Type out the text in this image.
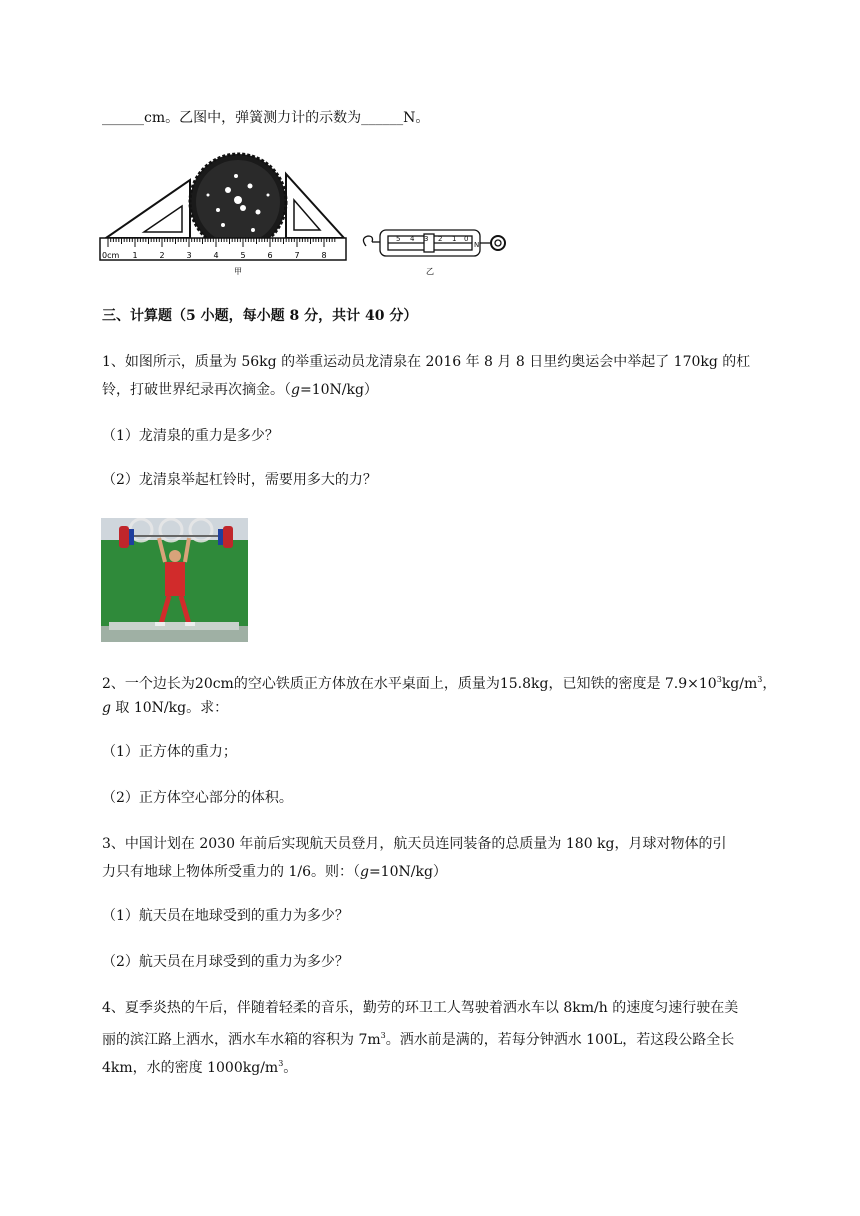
______cm。乙图中，弹簧测力计的示数为______N。
0cm 1	2	3	4	5	6	7	8
甲
5 4 3 2 1 0
N
乙
三、计算题（5 小题，每小题 8 分，共计 40 分）
1、如图所示，质量为 56kg 的举重运动员龙清泉在 2016 年 8 月 8 日里约奥运会中举起了 170kg 的杠
铃，打破世界纪录再次摘金。（g=10N/kg）
（1）龙清泉的重力是多少？
（2）龙清泉举起杠铃时，需要用多大的力？
2、一个边长为20cm的空心铁质正方体放在水平桌面上，质量为15.8kg，已知铁的密度是 $7.9\times 10^3kg/m^3$，
g 取 10N/kg。求：
（1）正方体的重力；
（2）正方体空心部分的体积。
3、中国计划在 2030 年前后实现航天员登月，航天员连同装备的总质量为 180 kg，月球对物体的引
力只有地球上物体所受重力的 1/6。则：（g=10N/kg）
（1）航天员在地球受到的重力为多少？
（2）航天员在月球受到的重力为多少？
4、夏季炎热的午后，伴随着轻柔的音乐，勤劳的环卫工人驾驶着洒水车以 8km/h 的速度匀速行驶在美
丽的滨江路上洒水，洒水车水箱的容积为 $7m^3$。洒水前是满的，若每分钟洒水 100L，若这段公路全长
4km，水的密度 $1000kg/m^3$。
